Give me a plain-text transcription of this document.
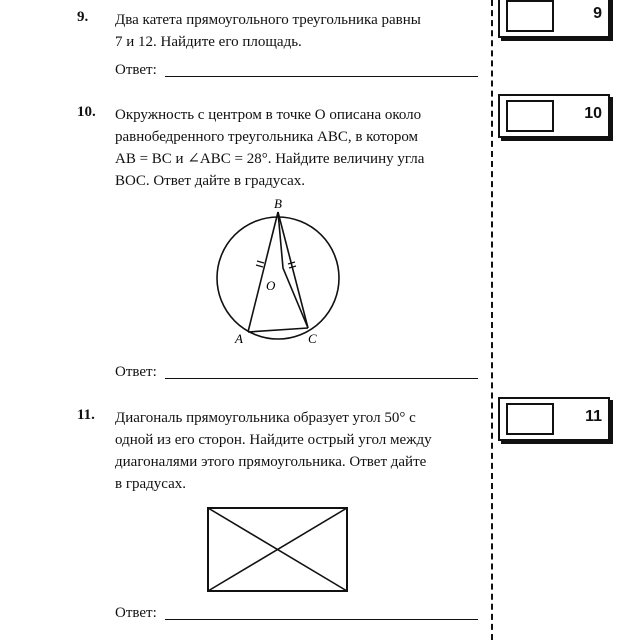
9. Два катета прямоугольного треугольника равны
7 и 12. Найдите его площадь.
Ответ:
10. Окружность с центром в точке O описана около
равнобедренного треугольника ABC, в котором
AB = BC и ∠ABC = 28°. Найдите величину угла
BOC. Ответ дайте в градусах.
B
O
A	C
Ответ:
11. Диагональ прямоугольника образует угол 50° с
одной из его сторон. Найдите острый угол между
диагоналями этого прямоугольника. Ответ дайте
в градусах.
Ответ:
9
10
11
